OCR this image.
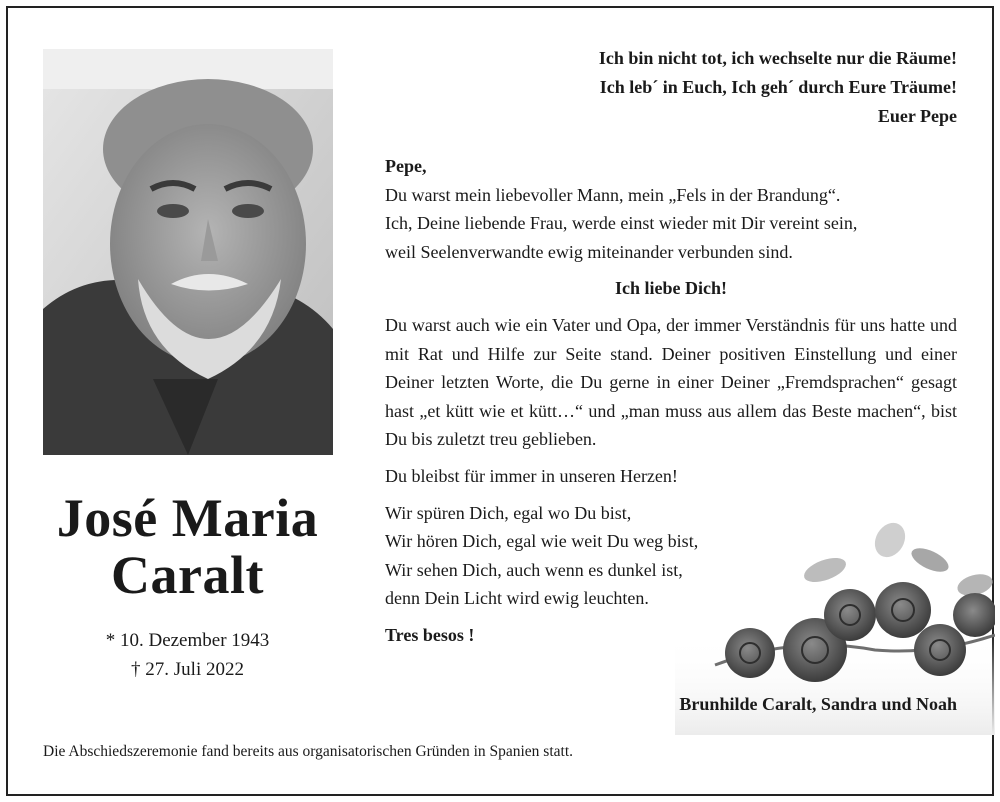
José Maria
Caralt
* 10. Dezember 1943
† 27. Juli 2022
Ich bin nicht tot, ich wechselte nur die Räume!
Ich leb´ in Euch, Ich geh´ durch Eure Träume!
Euer Pepe

Pepe,

Du warst mein liebevoller Mann, mein „Fels in der Brandung“.

Ich, Deine liebende Frau, werde einst wieder mit Dir vereint sein,

weil Seelenverwandte ewig miteinander verbunden sind.

Ich liebe Dich!

Du warst auch wie ein Vater und Opa, der immer Verständnis für uns hatte und mit Rat und Hilfe zur Seite stand. Deiner positiven Einstellung und einer Deiner letzten Worte, die Du gerne in einer Deiner „Fremdsprachen“ gesagt hast „et kütt wie et kütt…“ und „man muss aus allem das Beste machen“, bist Du bis zuletzt treu geblieben.

Du bleibst für immer in unseren Herzen!

Wir spüren Dich, egal wo Du bist,

Wir hören Dich, egal wie weit Du weg bist,

Wir sehen Dich, auch wenn es dunkel ist,

denn Dein Licht wird ewig leuchten.

Tres besos !

Brunhilde Caralt, Sandra und Noah
Die Abschiedszeremonie fand bereits aus organisatorischen Gründen in Spanien statt.
